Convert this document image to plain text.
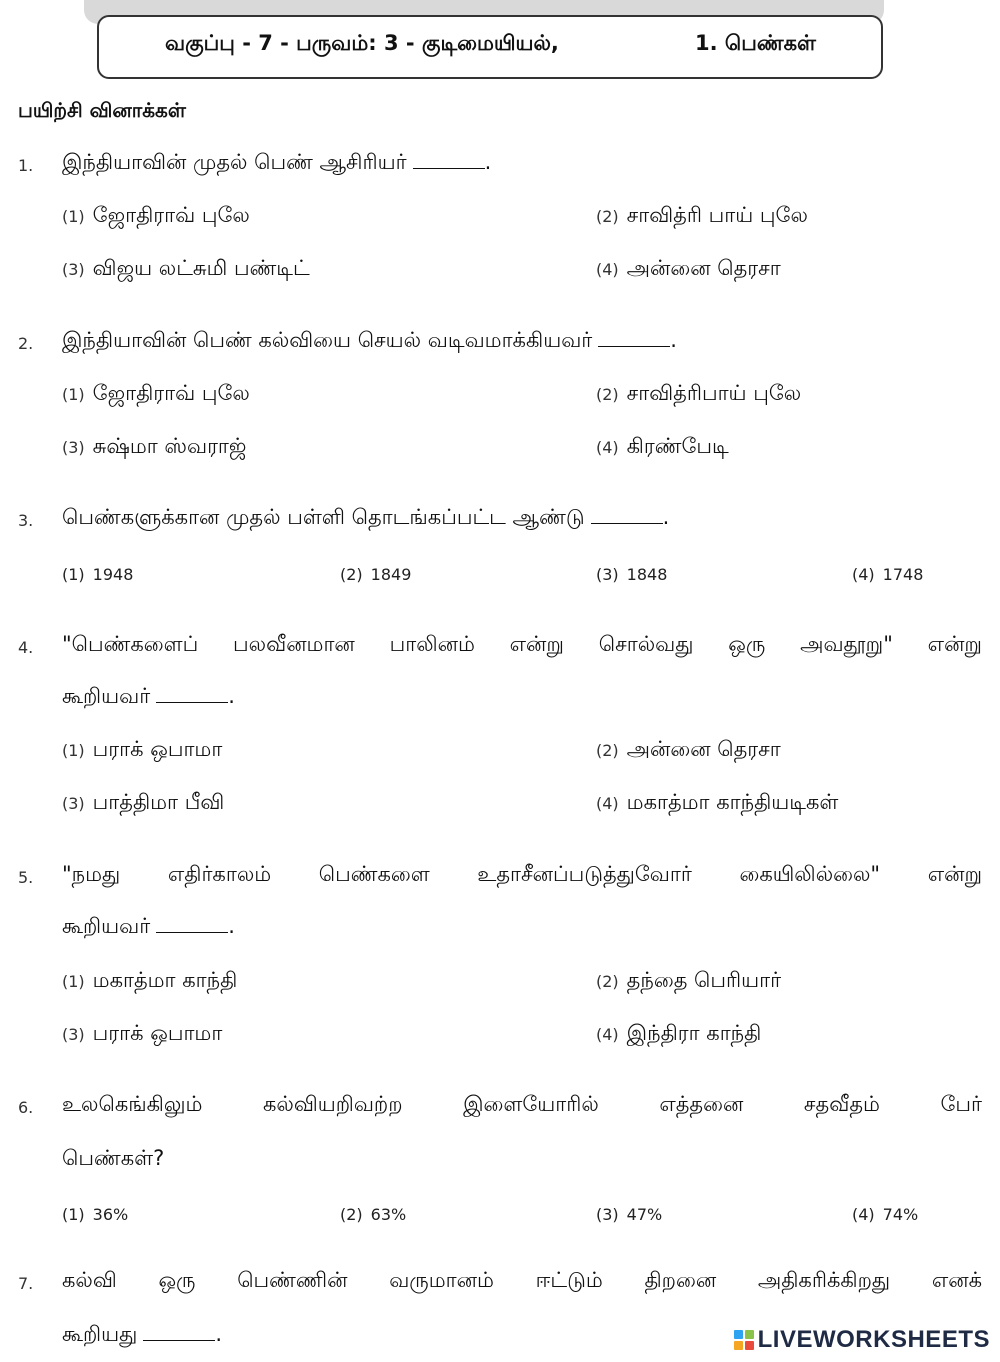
வகுப்பு - 7 - பருவம்: 3 - குடிமையியல்,	1. பெண்கள்
பயிற்சி வினாக்கள்
1. இந்தியாவின் முதல் பெண் ஆசிரியர்	.
(1) ஜோதிராவ் புலே	(2) சாவித்ரி பாய் புலே
(3) விஜய லட்சுமி பண்டிட்	(4) அன்னை தெரசா
2. இந்தியாவின் பெண் கல்வியை செயல் வடிவமாக்கியவர்	.
(1) ஜோதிராவ் புலே	(2) சாவித்ரிபாய் புலே
(3) சுஷ்மா ஸ்வராஜ்	(4) கிரண்பேடி
3. பெண்களுக்கான முதல் பள்ளி தொடங்கப்பட்ட ஆண்டு	.
(1) 1948	(2) 1849	(3) 1848	(4) 1748
4. "பெண்களைப் பலவீனமான பாலினம் என்று சொல்வது ஒரு அவதூறு" என்று
கூறியவர்	.
(1) பராக் ஒபாமா	(2) அன்னை தெரசா
(3) பாத்திமா பீவி	(4) மகாத்மா காந்தியடிகள்
5. "நமது எதிர்காலம் பெண்களை உதாசீனப்படுத்துவோர் கையிலில்லை" என்று
கூறியவர்	.
(1) மகாத்மா காந்தி	(2) தந்தை பெரியார்
(3) பராக் ஒபாமா	(4) இந்திரா காந்தி
6. உலகெங்கிலும் கல்வியறிவற்ற இளையோரில் எத்தனை சதவீதம் பேர்
பெண்கள்?
(1) 36%	(2) 63%	(3) 47%	(4) 74%
7. கல்வி ஒரு பெண்ணின் வருமானம் ஈட்டும் திறனை அதிகரிக்கிறது எனக்
கூறியது	.	LIVEWORKSHEETS
